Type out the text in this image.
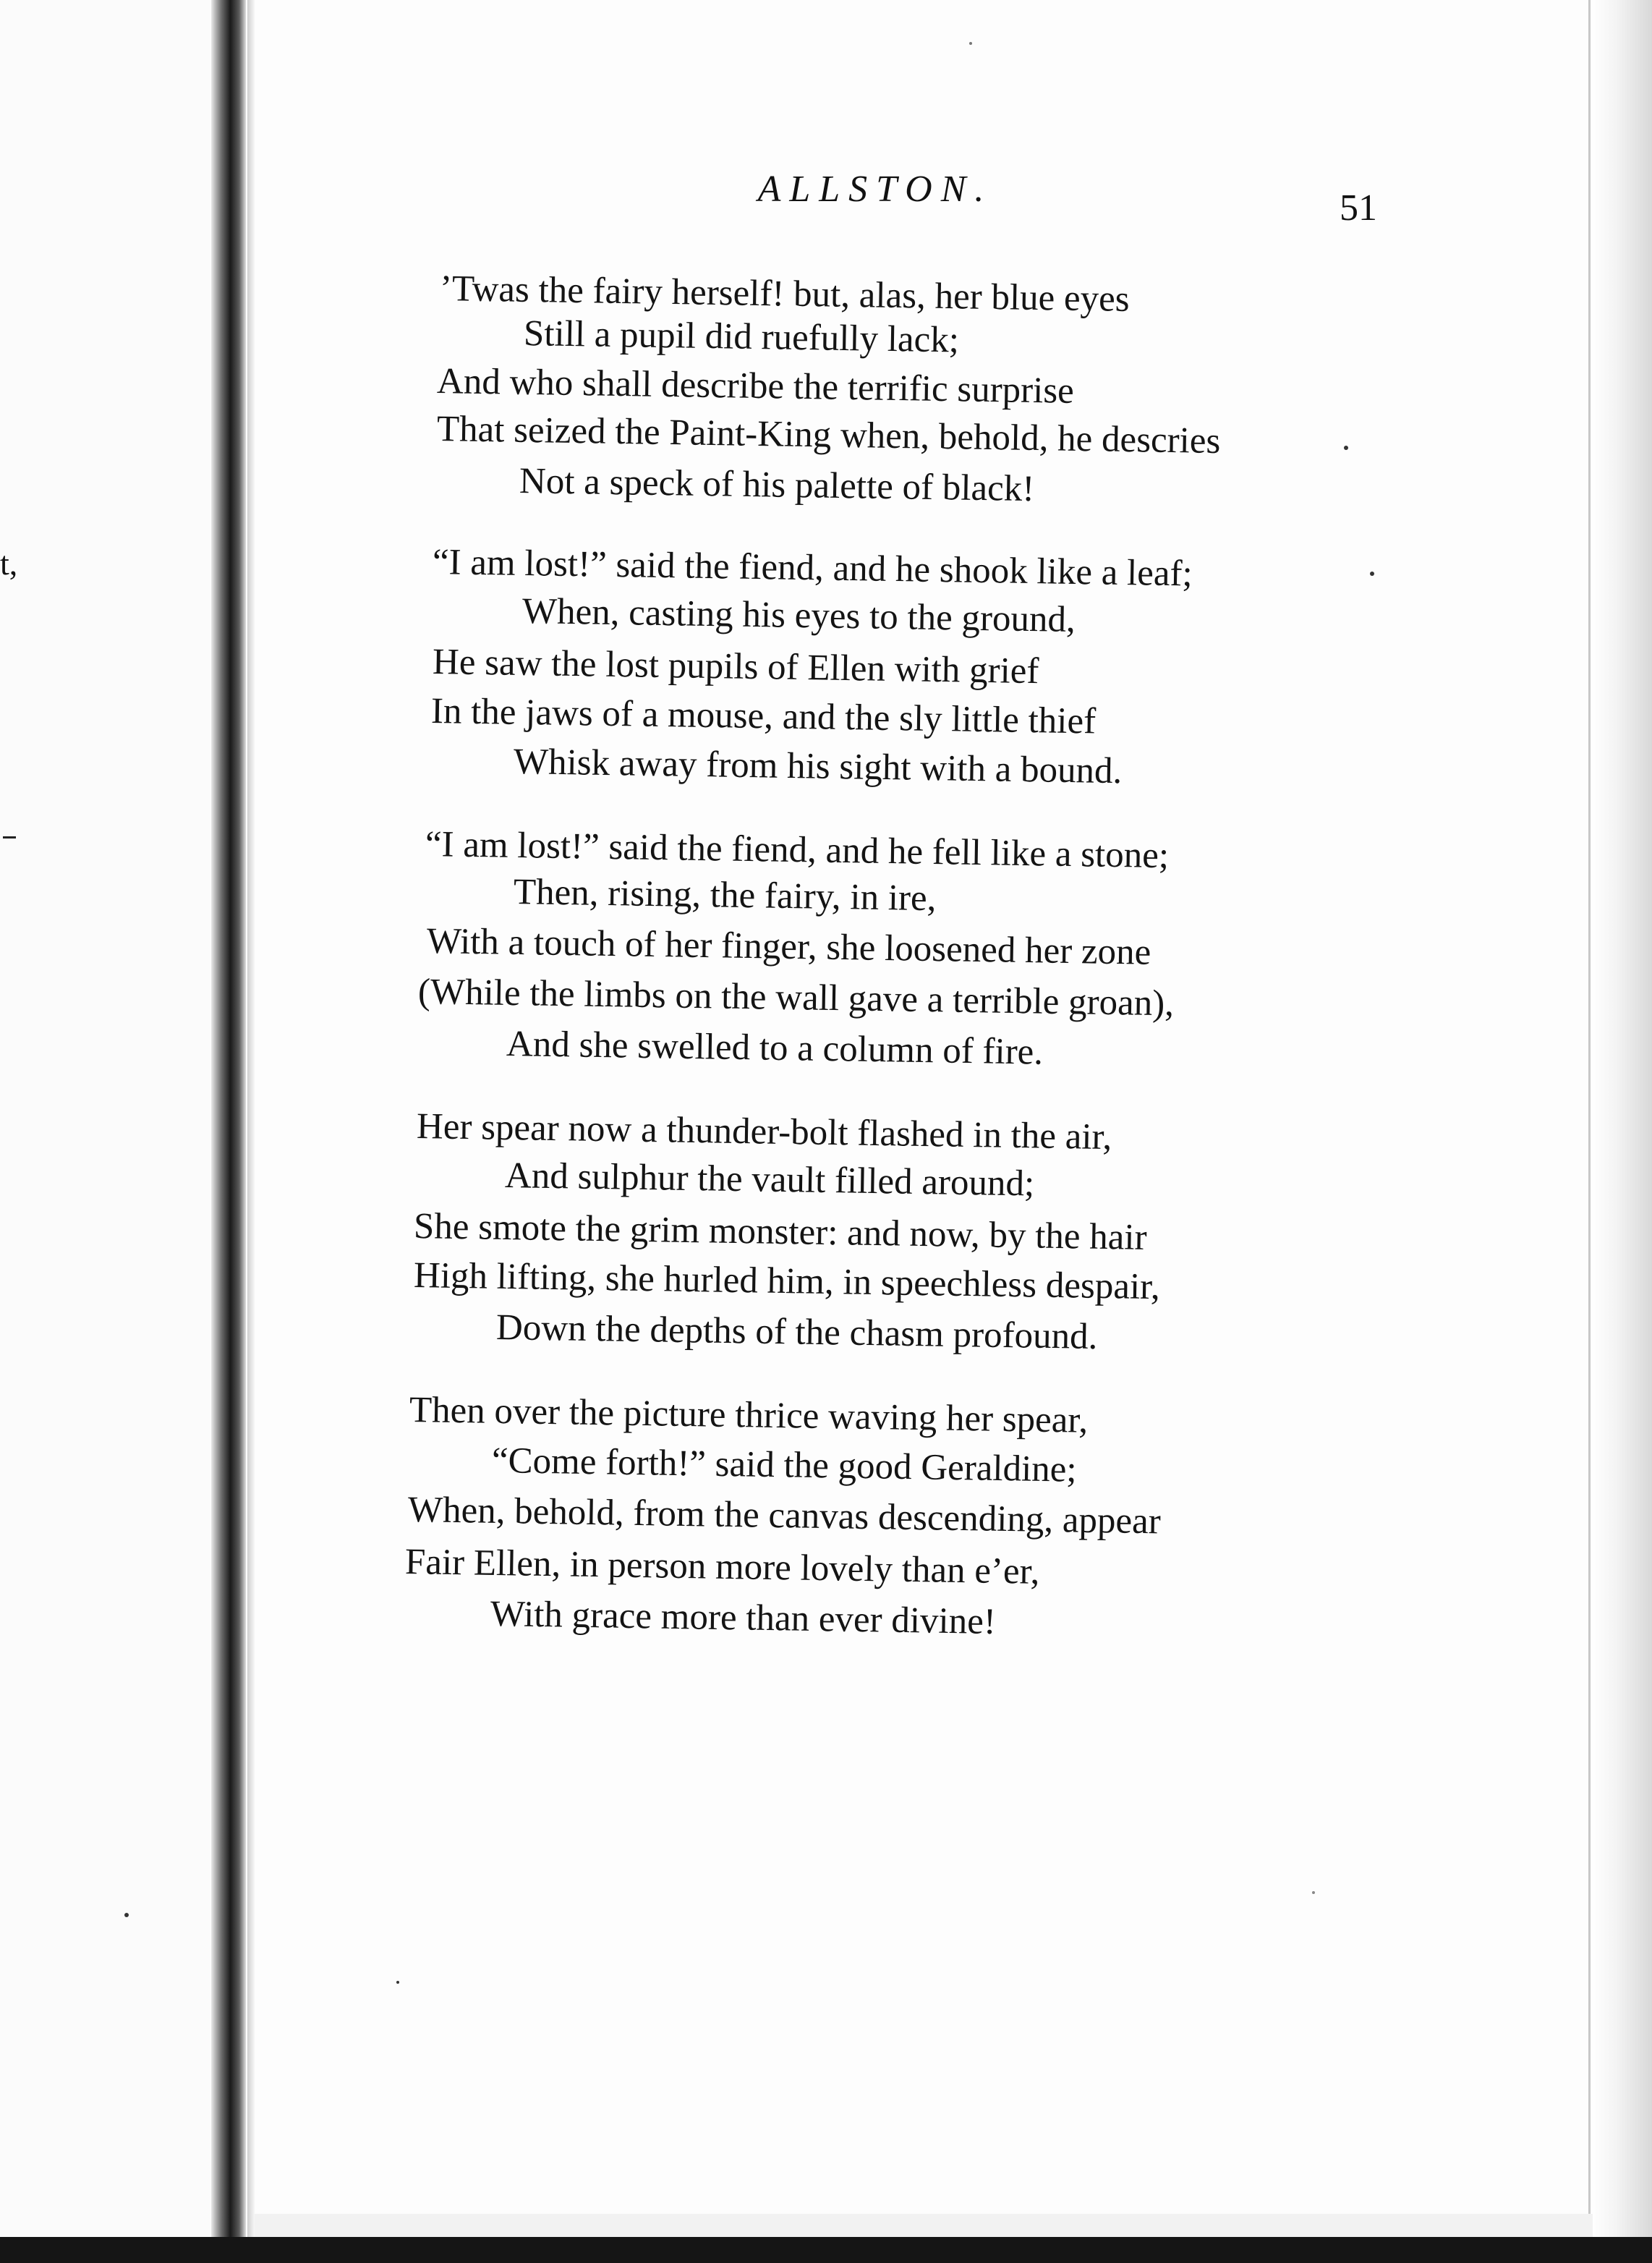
t,
ALLSTON.	51
’Twas the fairy herself! but, alas, her blue eyes
Still a pupil did ruefully lack;
And who shall describe the terrific surprise
That seized the Paint-King when, behold, he descries
Not a speck of his palette of black!
“I am lost!” said the fiend, and he shook like a leaf;
When, casting his eyes to the ground,
He saw the lost pupils of Ellen with grief
In the jaws of a mouse, and the sly little thief
Whisk away from his sight with a bound.
“I am lost!” said the fiend, and he fell like a stone;
Then, rising, the fairy, in ire,
With a touch of her finger, she loosened her zone
(While the limbs on the wall gave a terrible groan),
And she swelled to a column of fire.
Her spear now a thunder-bolt flashed in the air,
And sulphur the vault filled around;
She smote the grim monster: and now, by the hair
High lifting, she hurled him, in speechless despair,
Down the depths of the chasm profound.
Then over the picture thrice waving her spear,
“Come forth!” said the good Geraldine;
When, behold, from the canvas descending, appear
Fair Ellen, in person more lovely than e’er,
With grace more than ever divine!
